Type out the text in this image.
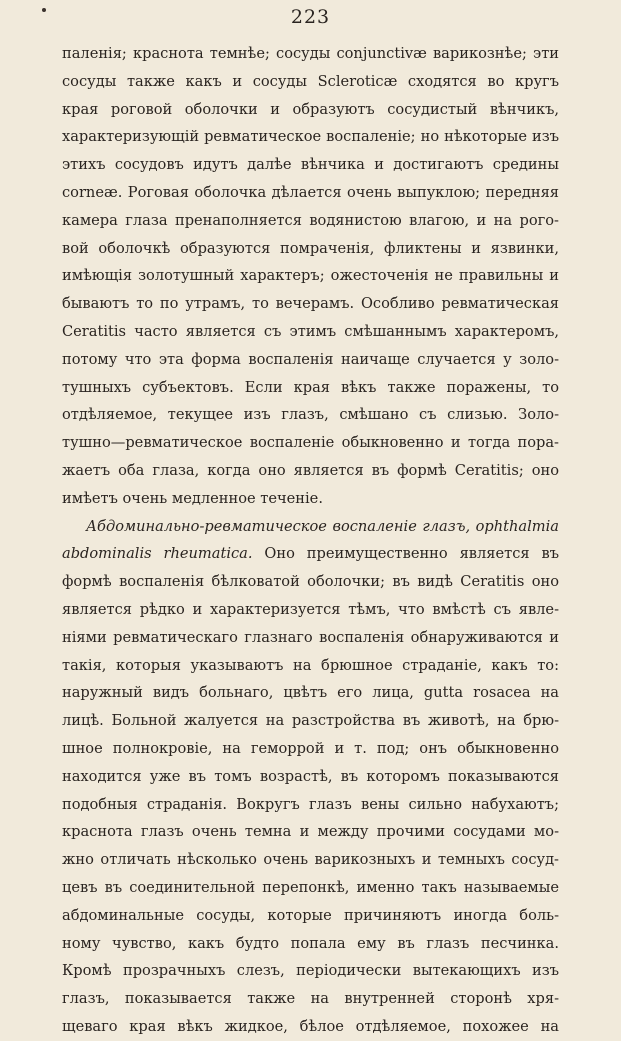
223
паленiя; краснота темнѣе; сосуды conjunctivæ варикознѣе; эти
сосуды также какъ и сосуды Scleroticæ сходятся во кругъ
края роговой оболочки и образуютъ сосудистый вѣнчикъ,
характеризующiй ревматическое воспаленiе; но нѣкоторые изъ
этихъ сосудовъ идутъ далѣе вѣнчика и достигаютъ средины
corneæ. Роговая оболочка дѣлается очень выпуклою; передняя
камера глаза пренаполняется водянистою влагою, и на рого-
вой оболочкѣ образуются помраченiя, фликтены и язвинки,
имѣющiя золотушный характеръ; ожесточенiя не правильны и
бываютъ то по утрамъ, то вечерамъ. Особливо ревматическая
Ceratitis часто является съ этимъ смѣшаннымъ характеромъ,
потому что эта форма воспаленiя наичаще случается у золо-
тушныхъ субъектовъ. Если края вѣкъ также поражены, то
отдѣляемое, текущее изъ глазъ, смѣшано съ слизью. Золо-
тушно—ревматическое воспаленiе обыкновенно и тогда пора-
жаетъ оба глаза, когда оно является въ формѣ Ceratitis; оно
имѣетъ очень медленное теченiе.
Абдоминально-ревматическое воспаленiе глазъ, ophthalmia
abdominalis rheumatica. Оно преимущественно является въ
формѣ воспаленiя бѣлковатой оболочки; въ видѣ Ceratitis оно
является рѣдко и характеризуется тѣмъ, что вмѣстѣ съ явле-
нiями ревматическаго глазнаго воспаленiя обнаруживаются и
такiя, которыя указываютъ на брюшное страданiе, какъ то:
наружный видъ больнаго, цвѣтъ его лица, gutta rosacea на
лицѣ. Больной жалуется на разстройства въ животѣ, на брю-
шное полнокровiе, на геморрой и т. под; онъ обыкновенно
находится уже въ томъ возрастѣ, въ которомъ показываются
подобныя страданiя. Вокругъ глазъ вены сильно набухаютъ;
краснота глазъ очень темна и между прочими сосудами мо-
жно отличать нѣсколько очень варикозныхъ и темныхъ сосуд-
цевъ въ соединительной перепонкѣ, именно такъ называемые
абдоминальные сосуды, которые причиняютъ иногда боль-
ному чувство, какъ будто попала ему въ глазъ песчинка.
Кромѣ прозрачныхъ слезъ, перiодически вытекающихъ изъ
глазъ, показывается также на внутренней сторонѣ хря-
щеваго края вѣкъ жидкое, бѣлое отдѣляемое, похожее на
